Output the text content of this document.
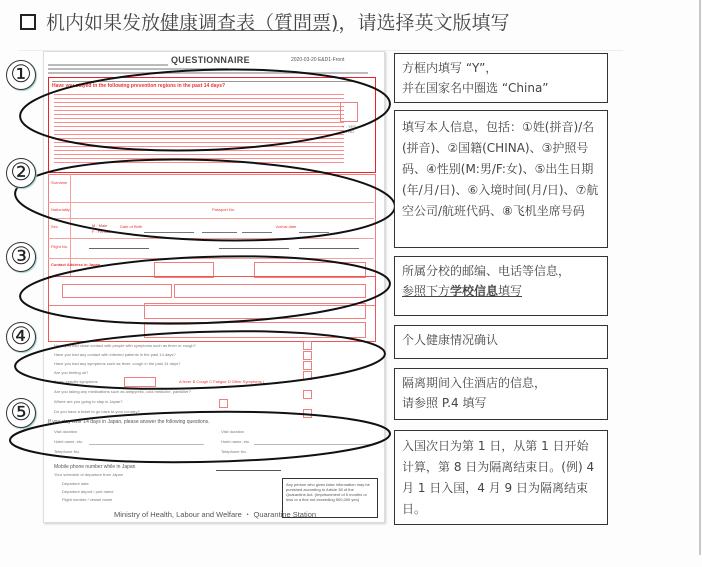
机内如果发放 健康调查表（質問票) ，请选择英文版填写
QUESTIONNAIRE	2020-03-20 E&D1-Front
Have you stayed in the following prevention regions in the past 14 days?
Y : YES
N : NO
Surname
Nationality	Passport No.
Sex	M : Male
F : Female
Date of Birth	Arrival date
Flight No.
Contact Address in Japan
Have you had close contact with people with symptoms such as fever or cough?
Have you had any contact with infected patients in the past 14 days?
Have you had any symptoms such as fever, cough in the past 14 days?
Are you feeling ok?
If yes, specify symptoms	A fever B Cough C Fatigue D Other Symptoms (
Are you taking any medications such as antipyretic, cold medicine, painkiller?
Where are you going to stay in Japan?
Do you have a ticket to go back to your country?
If you stay over 14 days in Japan, please answer the following questions.
Visit duration
Hotel name, etc.
Telephone No.
Visit duration
Hotel name, etc.
Telephone No.
Mobile phone number while in Japan
Your schedule of departure from Japan
Departure date
Departure airport / port name
Flight number / vessel name
Any person who gives false information may be punished according to Article 36 of the Quarantine Act. (Imprisonment of 6 months or less or a fine not exceeding 500,000 yen)
Ministry of Health, Labour and Welfare ・ Quarantine Station
①
②
③
④
⑤
方框内填写 “Y”，
并在国家名中圈选 “China”
填写本人信息，包括：①姓(拼音)/名(拼音)、②国籍(CHINA)、③护照号码、④性别(M:男/F:女)、⑤出生日期(年/月/日)、⑥入境时间(月/日)、⑦航空公司/航班代码、⑧飞机坐席号码
所属分校的邮编、电话等信息，
参照下方学校信息填写
个人健康情况确认
隔离期间入住酒店的信息，
请参照 P.4 填写
入国次日为第 1 日，从第 1 日开始计算，第 8 日为隔离结束日。(例) 4 月 1 日入国，4 月 9 日为隔离结束日。
